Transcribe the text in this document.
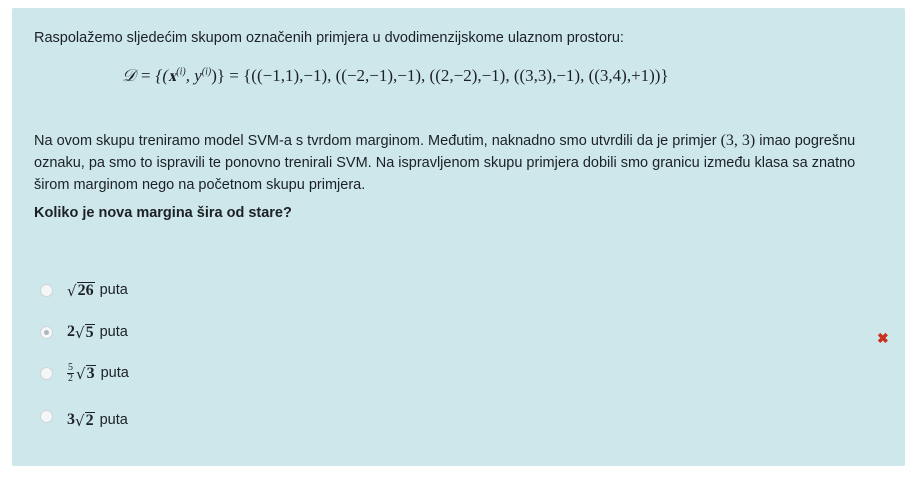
Raspolažemo sljedećim skupom označenih primjera u dvodimenzijskome ulaznom prostoru:
𝒟 = {(𝐱$^{(i)}$, $y^{(i)})\} = \{((-1,1),-1)$, ((−2,−1),−1), ((2,−2),−1), ((3,3),−1), ((3,4),+1))}
Na ovom skupu treniramo model SVM-a s tvrdom marginom. Međutim, naknadno smo utvrdili da je primjer (3, 3) imao pogrešnu oznaku, pa smo to ispravili te ponovno trenirali SVM. Na ispravljenom skupu primjera dobili smo granicu između klasa sa znatno širom marginom nego na početnom skupu primjera.
Koliko je nova margina šira od stare?
√ 26 puta
2 √ 5 puta
$\frac{5}{2}$ √ 3 puta
3 √ 2 puta
✖
